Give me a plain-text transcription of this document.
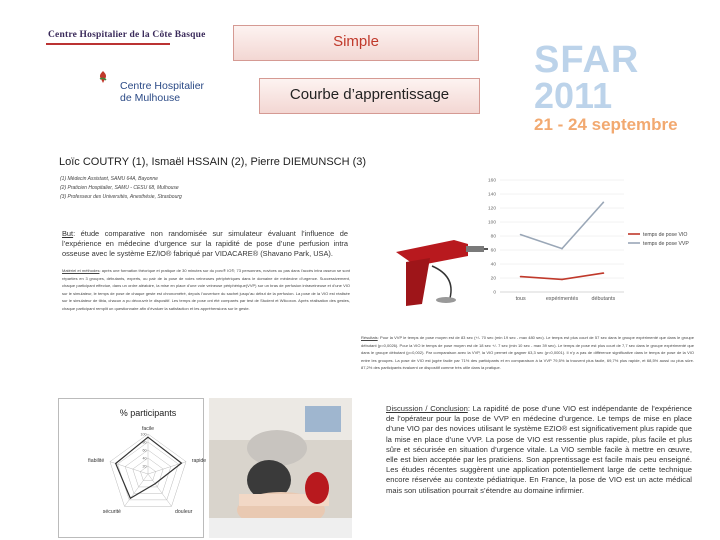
Centre Hospitalier de la Côte Basque
Centre Hospitalier
de Mulhouse
Simple
Courbe d’apprentissage
SFAR
2011
21 - 24 septembre
Loïc COUTRY (1), Ismaël HSSAIN (2), Pierre DIEMUNSCH (3)
(1) Médecin Assistant, SAMU 64A, Bayonne
(2) Praticien Hospitalier, SAMU - CESU 68, Mulhouse
(3) Professeur des Universités, Anesthésie, Strasbourg
But: étude comparative non randomisée sur simulateur évaluant l’influence de l’expérience en médecine d’urgence sur la rapidité de pose d’une perfusion intra osseuse avec le système EZ/IO® fabriqué par VIDACARE® (Shavano Park, USA).
Matériel et méthodes: après une formation théorique et pratique de 30 minutes sur du porc® IO®, 73 personnes, novices ou pas dans l’accès intra osseux se sont réparties en 3 groupes, débutants, experts, ou pair de la pose de voies veineuses périphériques dans le domaine de médecine d’urgence. Successivement, chaque participant effectue, dans un ordre aléatoire, la mise en place d’une voie veineuse périphérique(VVP) sur un bras de perfusion intraveineuse et d’une VIO sur le simulateur, le temps de pose de chaque geste est chronométré, depuis l’ouverture du sachet jusqu’au début de la perfusion. La pose de la VIO est réalisée sur le simulateur de tibia, chacun a pu découvrir le dispositif. Les temps de pose ont été comparés par test de Student et Wilcoxon. Après réalisation des gestes, chaque participant remplit un questionnaire afin d’évaluer la satisfaction et les appréhensions sur le geste.
160
140
120
100
80
60
40
20
0
tous	expérimentés débutants
temps de pose VIO
temps de pose VVP
% participants
20
40
60
80
100
facile
rapide
douleur
sécurité
fiabilité
Résultats: Pour la VVP le temps de pose moyen est de 83 sec (+/- 70 sec (min 19 sec - max 480 sec). Le temps est plus court de 57 sec dans le groupe expérimenté que dans le groupe débutant (p=0,0026). Pour la VIO le temps de pose moyen est de 18 sec +/- 7 sec (min 10 sec - max 39 sec). Le temps de pose est plus court de 7,7 sec dans le groupe expérimenté que dans le groupe débutant (p=0,002). Par comparaison avec la VVP, la VIO permet de gagner 63,3 sec (p<0,0001). Il n’y a pas de différence significative dans le temps de pose de la VIO entre les groupes. La pose de VIO est jugée facile par 71% des participants et en comparaison à la VVP 79,5% la trouvent plus facile, 69,7% plus rapide, et 68,5% aussi ou plus sûre. 87,2% des participants évaluent ce dispositif comme très utile dans la pratique.
Discussion / Conclusion: La rapidité de pose d’une VIO est indépendante de l’expérience de l’opérateur pour la pose de VVP en médecine d’urgence. Le temps de mise en place d’une VIO par des novices utilisant le système EZIO® est significativement plus rapide que la mise en place d’une VVP. La pose de VIO est ressentie plus rapide, plus facile et plus sûre et sécurisée en situation d’urgence vitale. La VIO semble facile à mettre en œuvre, elle est bien acceptée par les praticiens. Son apprentissage est facile mais peu enseigné. Les études récentes suggèrent une application potentiellement large de cette technique encore réservée au contexte pédiatrique. En France, la pose de VIO est un acte médical mais son utilisation pourrait s’étendre au domaine infirmier.
